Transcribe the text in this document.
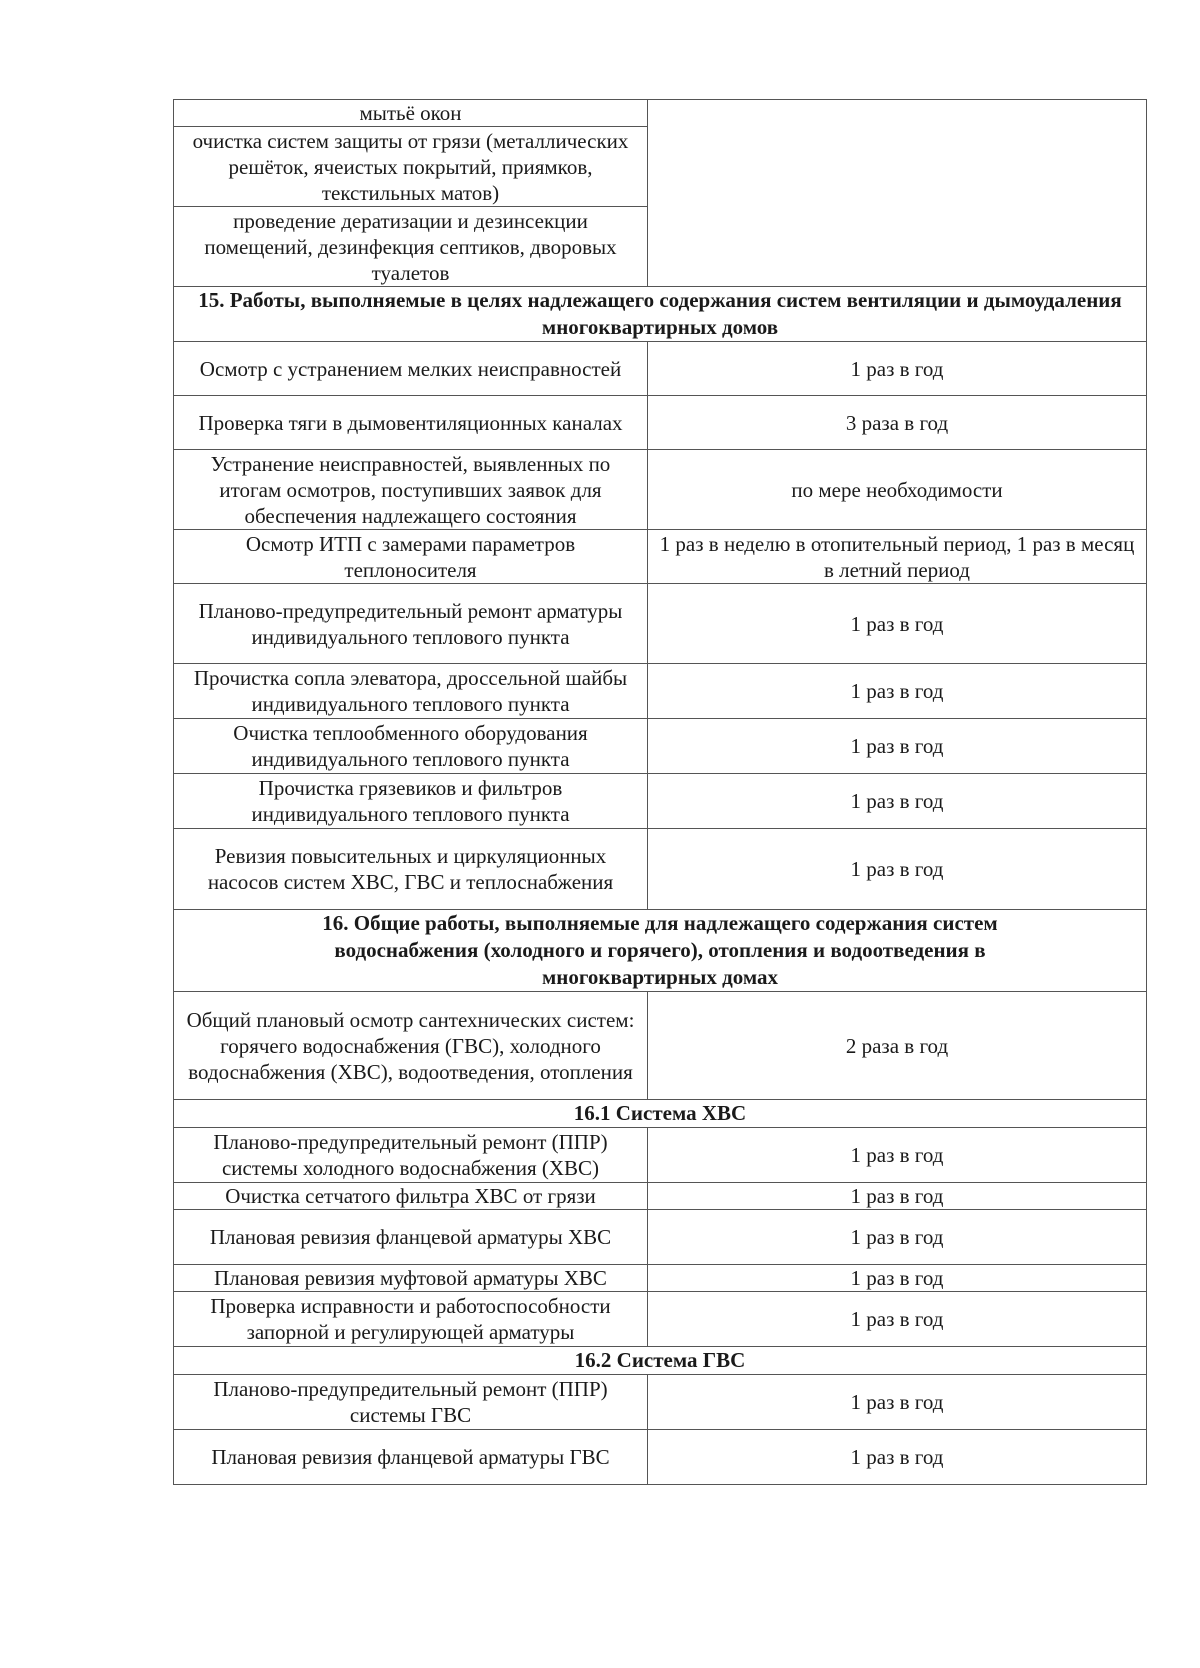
мытьё окон	
очистка систем защиты от грязи (металлических решёток, ячеистых покрытий, приямков, текстильных матов)	
проведение дератизации и дезинсекции помещений, дезинфекция септиков, дворовых туалетов	
15. Работы, выполняемые в целях надлежащего содержания систем вентиляции и дымоудаления многоквартирных домов	
Осмотр с устранением мелких неисправностей	1 раз в год
Проверка тяги в дымовентиляционных каналах	3 раза в год
Устранение неисправностей, выявленных по итогам осмотров, поступивших заявок для обеспечения надлежащего состояния	по мере необходимости
Осмотр ИТП с замерами параметров теплоносителя	1 раз в неделю в отопительный период, 1 раз в месяц в летний период
Планово-предупредительный ремонт арматуры индивидуального теплового пункта	1 раз в год
Прочистка сопла элеватора, дроссельной шайбы индивидуального теплового пункта	1 раз в год
Очистка теплообменного оборудования индивидуального теплового пункта	1 раз в год
Прочистка грязевиков и фильтров индивидуального теплового пункта	1 раз в год
Ревизия повысительных и циркуляционных насосов систем ХВС, ГВС и теплоснабжения	1 раз в год
16. Общие работы, выполняемые для надлежащего содержания систем водоснабжения (холодного и горячего), отопления и водоотведения в многоквартирных домах	
Общий плановый осмотр сантехнических систем: горячего водоснабжения (ГВС), холодного водоснабжения (ХВС), водоотведения, отопления	2 раза в год
16.1 Система ХВС	
Планово-предупредительный ремонт (ППР) системы холодного водоснабжения (ХВС)	1 раз в год
Очистка сетчатого фильтра ХВС от грязи	1 раз в год
Плановая ревизия фланцевой арматуры ХВС	1 раз в год
Плановая ревизия муфтовой арматуры ХВС	1 раз в год
Проверка исправности и работоспособности запорной и регулирующей арматуры	1 раз в год
16.2 Система ГВС	
Планово-предупредительный ремонт (ППР) системы ГВС	1 раз в год
Плановая ревизия фланцевой арматуры ГВС	1 раз в год
